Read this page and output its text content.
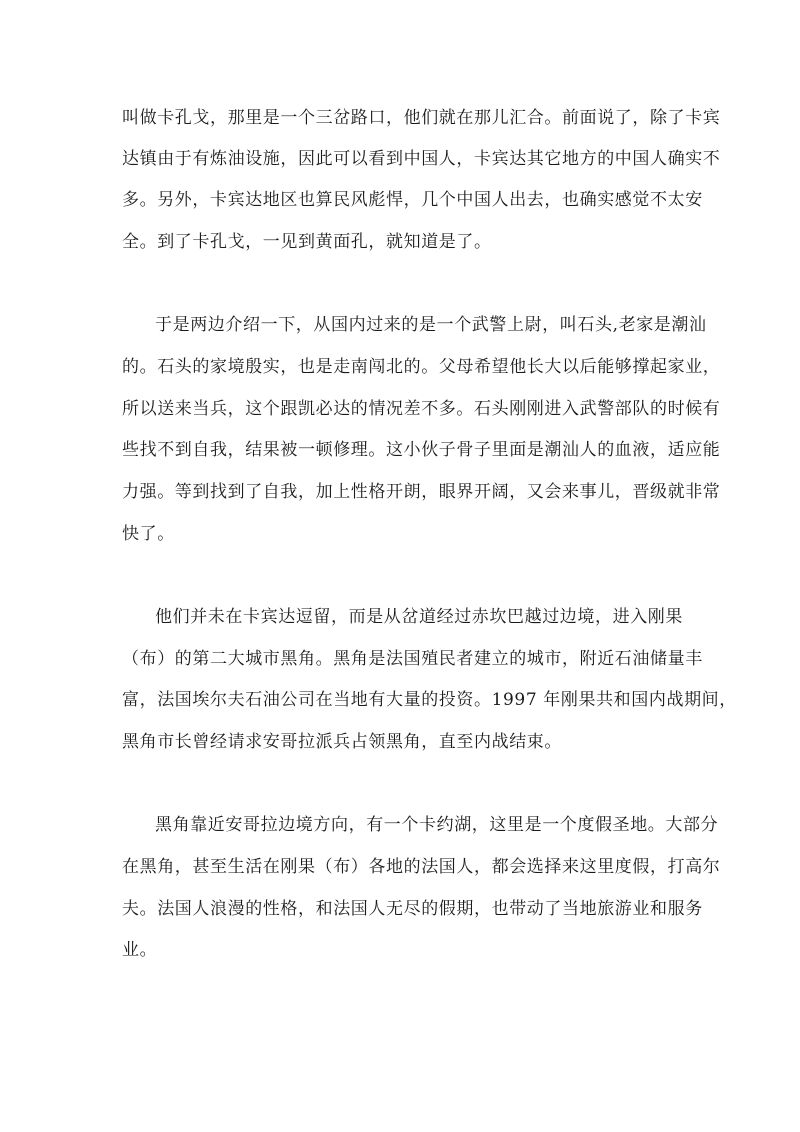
叫做卡孔戈，那里是一个三岔路口，他们就在那儿汇合。前面说了，除了卡宾
达镇由于有炼油设施，因此可以看到中国人，卡宾达其它地方的中国人确实不
多。另外，卡宾达地区也算民风彪悍，几个中国人出去，也确实感觉不太安
全。到了卡孔戈，一见到黄面孔，就知道是了。
于是两边介绍一下，从国内过来的是一个武警上尉，叫石头,老家是潮汕
的。石头的家境殷实，也是走南闯北的。父母希望他长大以后能够撑起家业，
所以送来当兵，这个跟凯必达的情况差不多。石头刚刚进入武警部队的时候有
些找不到自我，结果被一顿修理。这小伙子骨子里面是潮汕人的血液，适应能
力强。等到找到了自我，加上性格开朗，眼界开阔，又会来事儿，晋级就非常
快了。
他们并未在卡宾达逗留，而是从岔道经过赤坎巴越过边境，进入刚果
（布）的第二大城市黑角。黑角是法国殖民者建立的城市，附近石油储量丰
富，法国埃尔夫石油公司在当地有大量的投资。1997 年刚果共和国内战期间，
黑角市长曾经请求安哥拉派兵占领黑角，直至内战结束。
黑角靠近安哥拉边境方向，有一个卡约湖，这里是一个度假圣地。大部分
在黑角，甚至生活在刚果（布）各地的法国人，都会选择来这里度假，打高尔
夫。法国人浪漫的性格，和法国人无尽的假期，也带动了当地旅游业和服务
业。
